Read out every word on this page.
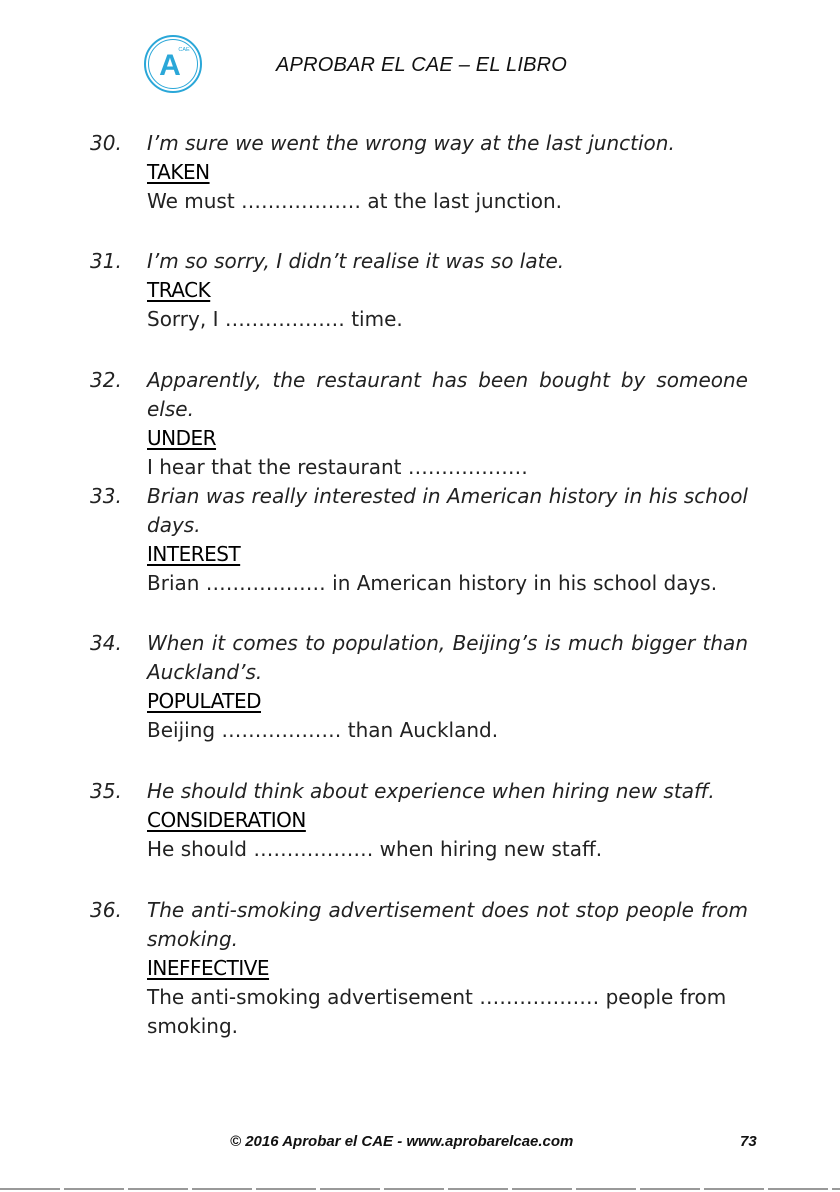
A
CAE
APROBAR EL CAE – EL LIBRO
30. I’m sure we went the wrong way at the last junction.

TAKEN

We must ……………… at the last junction.

31. I’m so sorry, I didn’t realise it was so late.

TRACK

Sorry, I ……………… time.

32. Apparently, the restaurant has been bought by someone else.

UNDER

I hear that the restaurant ………………

33. Brian was really interested in American history in his school days.

INTEREST

Brian ……………… in American history in his school days.

34. When it comes to population, Beijing’s is much bigger than Auckland’s.

POPULATED

Beijing ……………… than Auckland.

35. He should think about experience when hiring new staff.

CONSIDERATION

He should ……………… when hiring new staff.

36. The anti-smoking advertisement does not stop people from smoking.

INEFFECTIVE

The anti-smoking advertisement ……………… people from smoking.

© 2016 Aprobar el CAE - www.aprobarelcae.com	73
